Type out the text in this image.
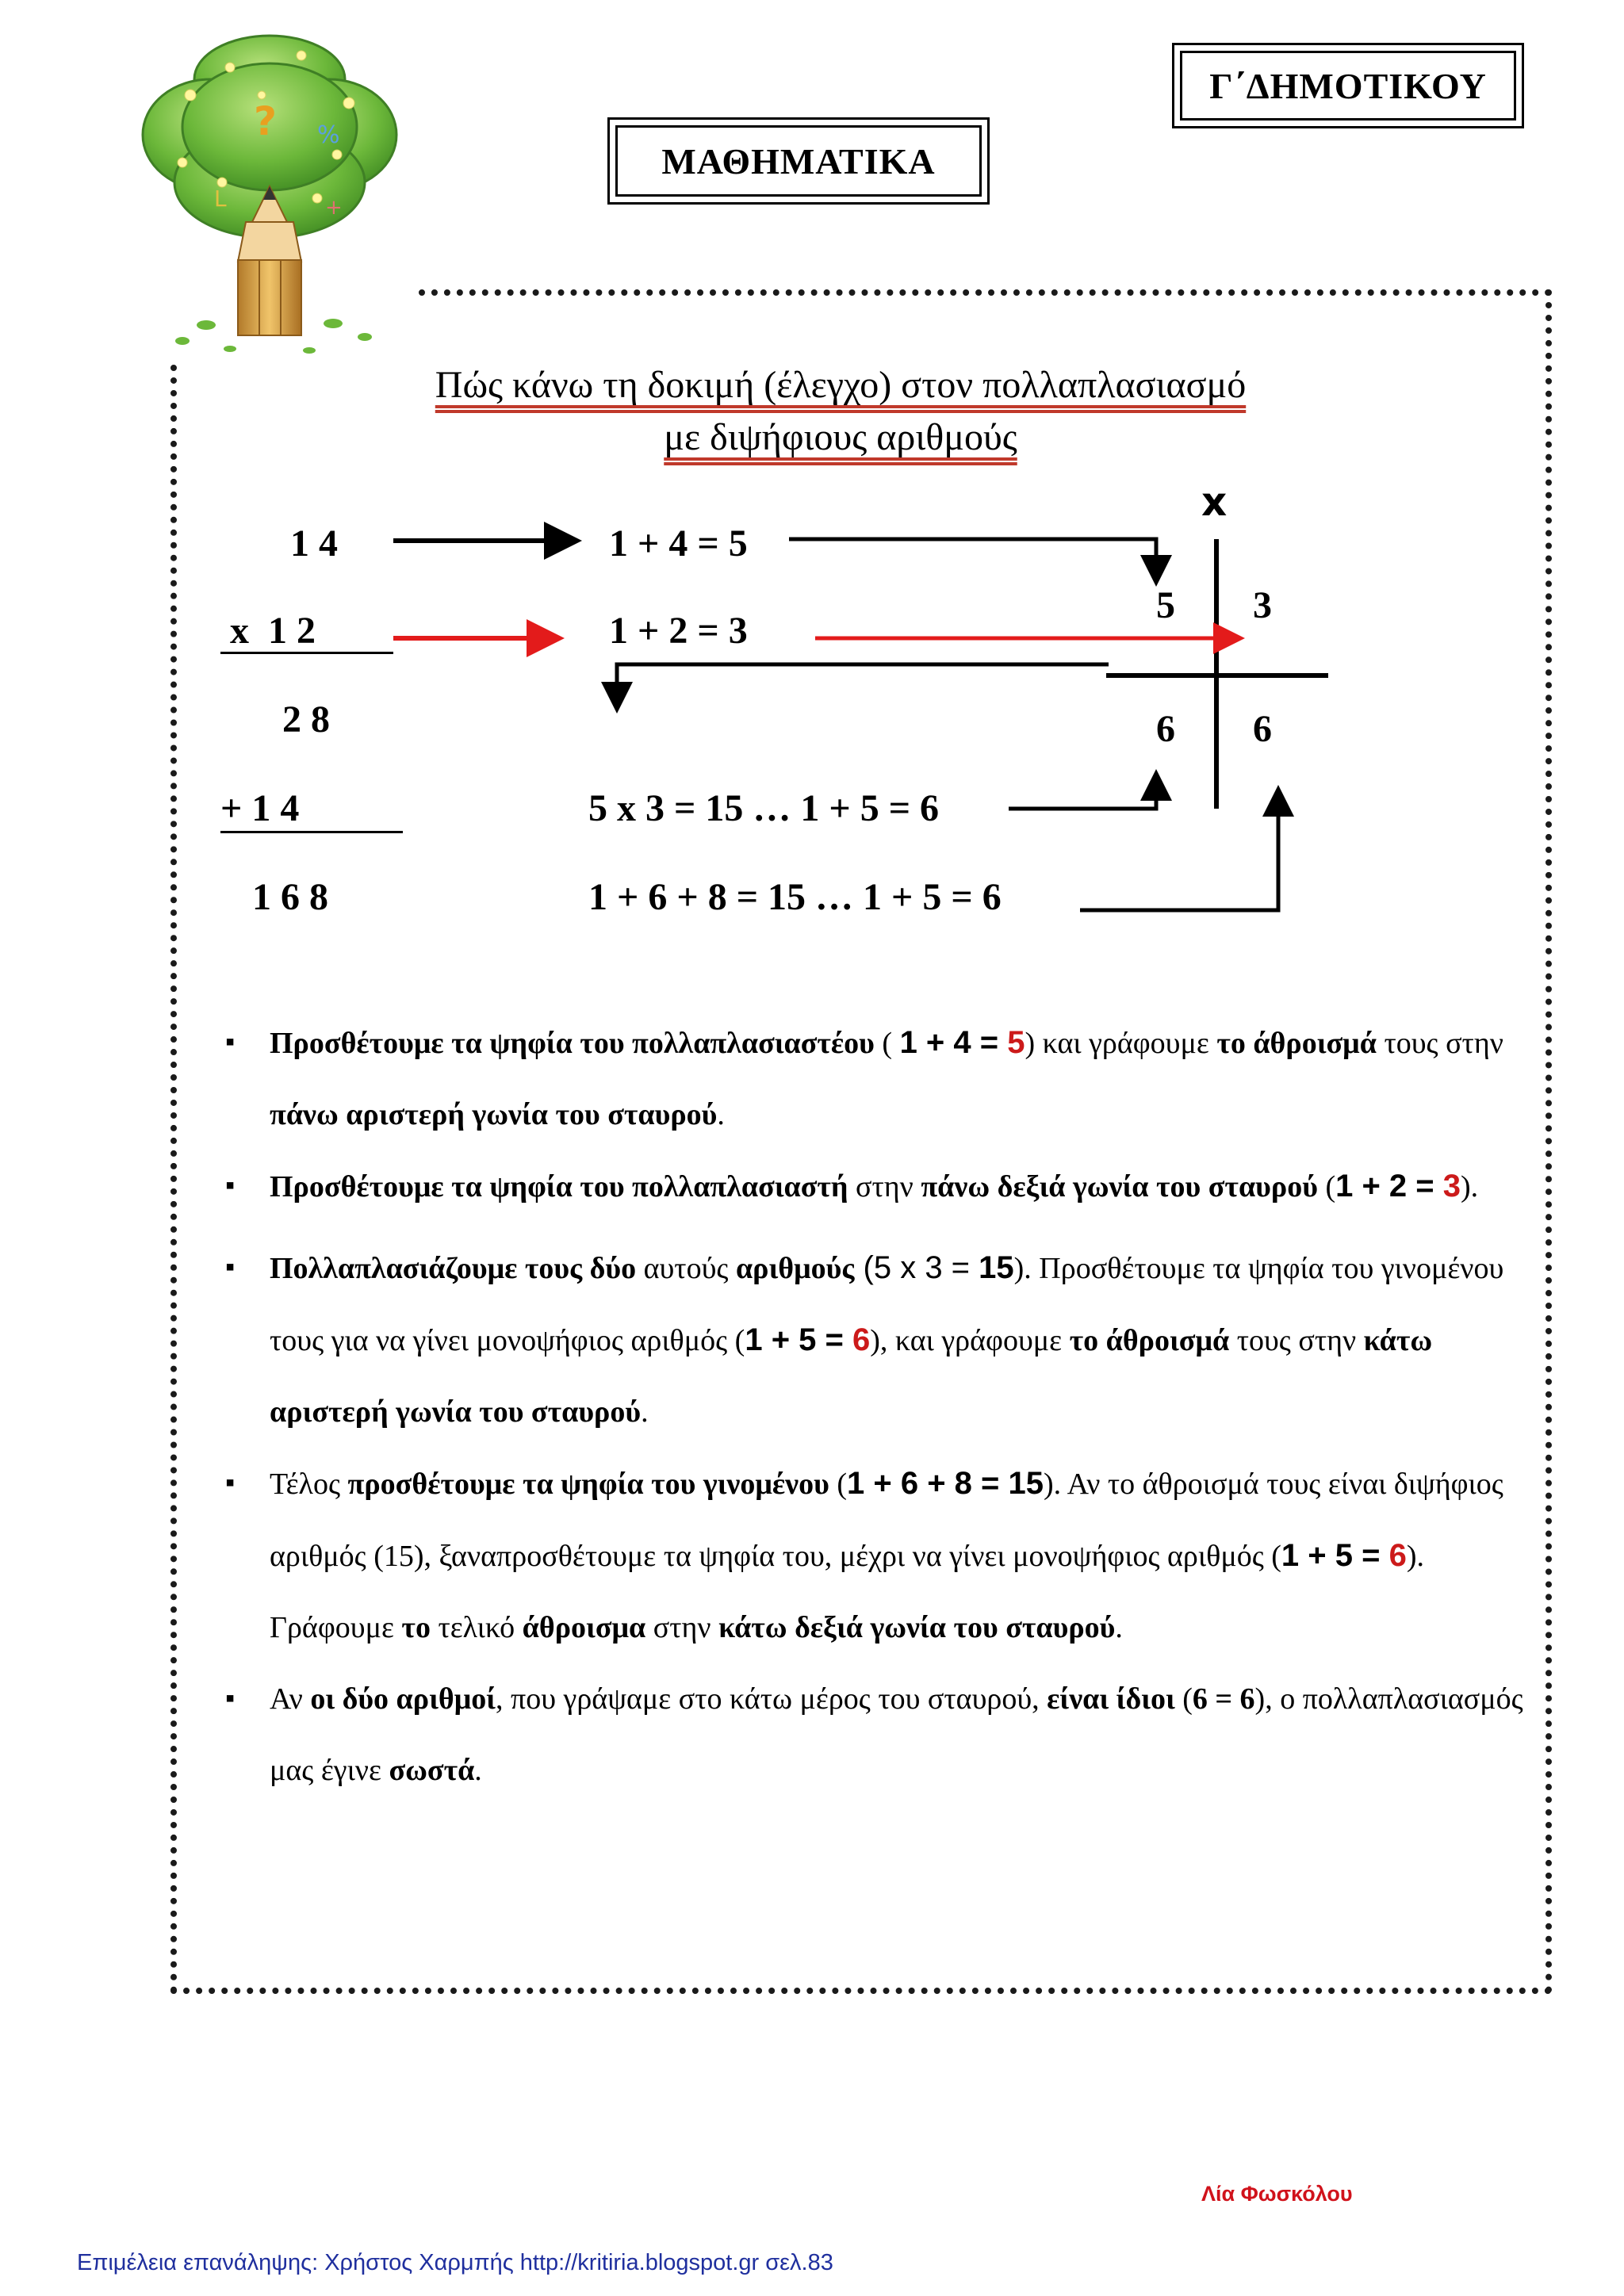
? %
L	+
Γ΄ΔΗΜΟΤΙΚΟΥ
ΜΑΘΗΜΑΤΙΚΑ
Πώς κάνω τη δοκιμή (έλεγχο) στον πολλαπλασιασμό
με διψήφιους αριθμούς
1 4
x  1 2
2 8
+ 1 4
1 6 8
1 + 4 = 5
1 + 2 = 3
5 x 3 = 15 … 1 + 5 = 6
1 + 6 + 8 = 15 … 1 + 5 = 6
x
5 3
6 6
▪ Προσθέτουμε τα ψηφία του πολλαπλασιαστέου ( 1 + 4 = 5) και γράφουμε το άθροισμά τους στην πάνω αριστερή γωνία του σταυρού.
▪ Προσθέτουμε τα ψηφία του πολλαπλασιαστή στην πάνω δεξιά γωνία του σταυρού (1 + 2 = 3).
▪ Πολλαπλασιάζουμε τους δύο αυτούς αριθμούς (5 x 3 = 15). Προσθέτουμε τα ψηφία του γινομένου τους για να γίνει μονοψήφιος αριθμός (1 + 5 = 6), και γράφουμε το άθροισμά τους στην κάτω αριστερή γωνία του σταυρού.
▪ Τέλος προσθέτουμε τα ψηφία του γινομένου (1 + 6 + 8 = 15). Αν το άθροισμά τους είναι διψήφιος αριθμός (15), ξαναπροσθέτουμε τα ψηφία του, μέχρι να γίνει μονοψήφιος αριθμός (1 + 5 = 6). Γράφουμε το τελικό άθροισμα στην κάτω δεξιά γωνία του σταυρού.
▪ Αν οι δύο αριθμοί, που γράψαμε στο κάτω μέρος του σταυρού, είναι ίδιοι (6 = 6), ο πολλαπλασιασμός μας έγινε σωστά.
Λία Φωσκόλου
Επιμέλεια επανάληψης: Χρήστος Χαρμπής http://kritiria.blogspot.gr σελ.83
